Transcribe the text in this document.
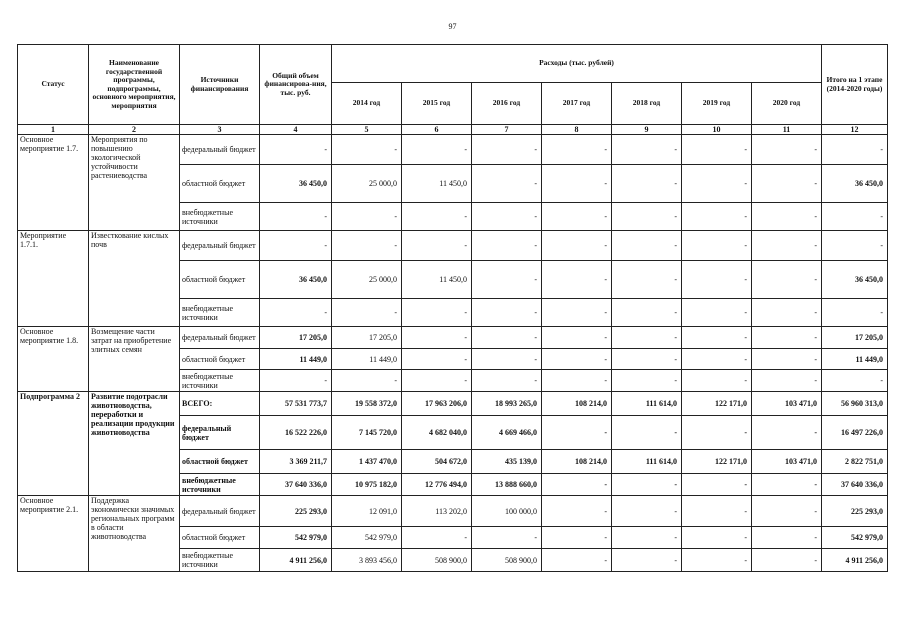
97
Статус	Наименование государственной программы, подпрограммы, основного мероприятия, мероприятия	Источники финансирования	Общий объем финансирова-ния, тыс. руб.	Расходы (тыс. рублей)							Итого на 1 этапе (2014-2020 годы)
				2014 год	2015 год	2016 год	2017 год	2018 год	2019 год	2020 год	
1	2	3	4	5	6	7	8	9	10	11	12
Основное мероприятие 1.7.	Мероприятия по повышению экологической устойчивости растениеводства	федеральный бюджет	-	-	-	-	-	-	-	-	-
		областной бюджет	36 450,0	25 000,0	11 450,0	-	-	-	-	-	36 450,0
		внебюджетные источники	-	-	-	-	-	-	-	-	-
Мероприятие 1.7.1.	Известкование кислых почв	федеральный бюджет	-	-	-	-	-	-	-	-	-
		областной бюджет	36 450,0	25 000,0	11 450,0	-	-	-	-	-	36 450,0
		внебюджетные источники	-	-	-	-	-	-	-	-	-
Основное мероприятие 1.8.	Возмещение части затрат на приобретение элитных семян	федеральный бюджет	17 205,0	17 205,0	-	-	-	-	-	-	17 205,0
		областной бюджет	11 449,0	11 449,0	-	-	-	-	-	-	11 449,0
		внебюджетные источники	-	-	-	-	-	-	-	-	-
Подпрограмма 2	Развитие подотрасли животноводства, переработки и реализации продукции животноводства	ВСЕГО:	57 531 773,7	19 558 372,0	17 963 206,0	18 993 265,0	108 214,0	111 614,0	122 171,0	103 471,0	56 960 313,0
		федеральный бюджет	16 522 226,0	7 145 720,0	4 682 040,0	4 669 466,0	-	-	-	-	16 497 226,0
		областной бюджет	3 369 211,7	1 437 470,0	504 672,0	435 139,0	108 214,0	111 614,0	122 171,0	103 471,0	2 822 751,0
		внебюджетные источники	37 640 336,0	10 975 182,0	12 776 494,0	13 888 660,0	-	-	-	-	37 640 336,0
Основное мероприятие 2.1.	Поддержка экономически значимых региональных программ в области животноводства	федеральный бюджет	225 293,0	12 091,0	113 202,0	100 000,0	-	-	-	-	225 293,0
		областной бюджет	542 979,0	542 979,0	-	-	-	-	-	-	542 979,0
		внебюджетные источники	4 911 256,0	3 893 456,0	508 900,0	508 900,0	-	-	-	-	4 911 256,0
